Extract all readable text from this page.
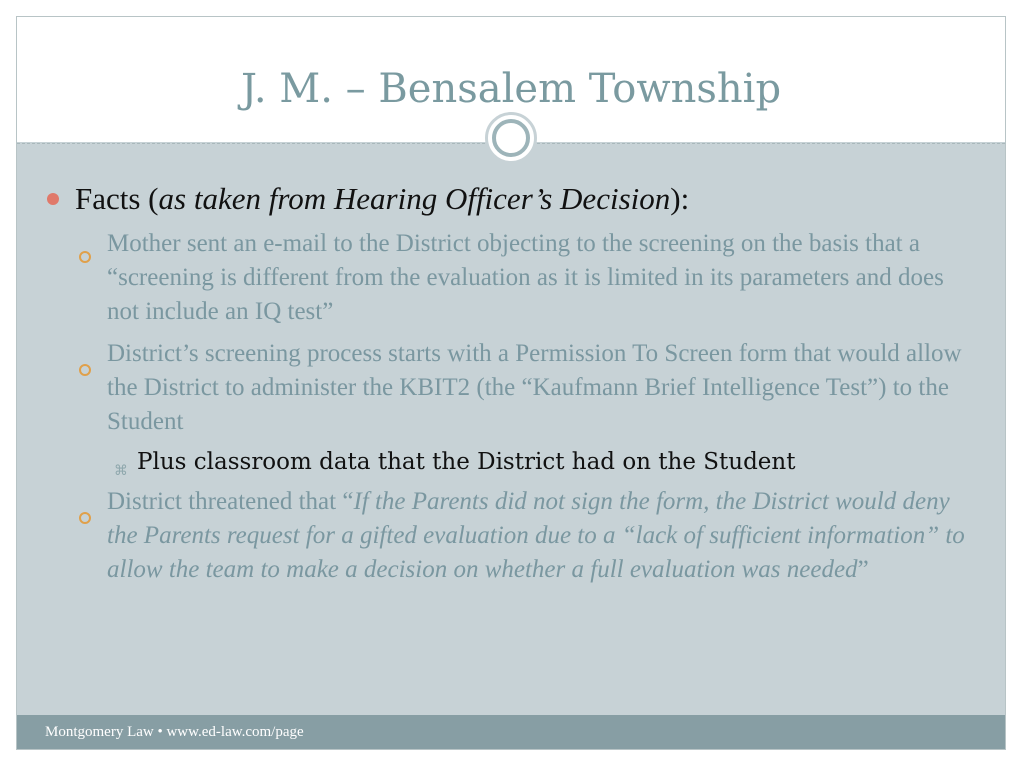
J. M. – Bensalem Township
Facts (as taken from Hearing Officer’s Decision):
Mother sent an e-mail to the District objecting to the screening on the basis that a “screening is different from the evaluation as it is limited in its parameters and does not include an IQ test”
District’s screening process starts with a Permission To Screen form that would allow the District to administer the KBIT2 (the “Kaufmann Brief Intelligence Test”) to the Student
⌘ Plus classroom data that the District had on the Student
District threatened that “If the Parents did not sign the form, the District would deny the Parents request for a gifted evaluation due to a “lack of sufficient information” to allow the team to make a decision on whether a full evaluation was needed”
Montgomery Law • www.ed-law.com/page
